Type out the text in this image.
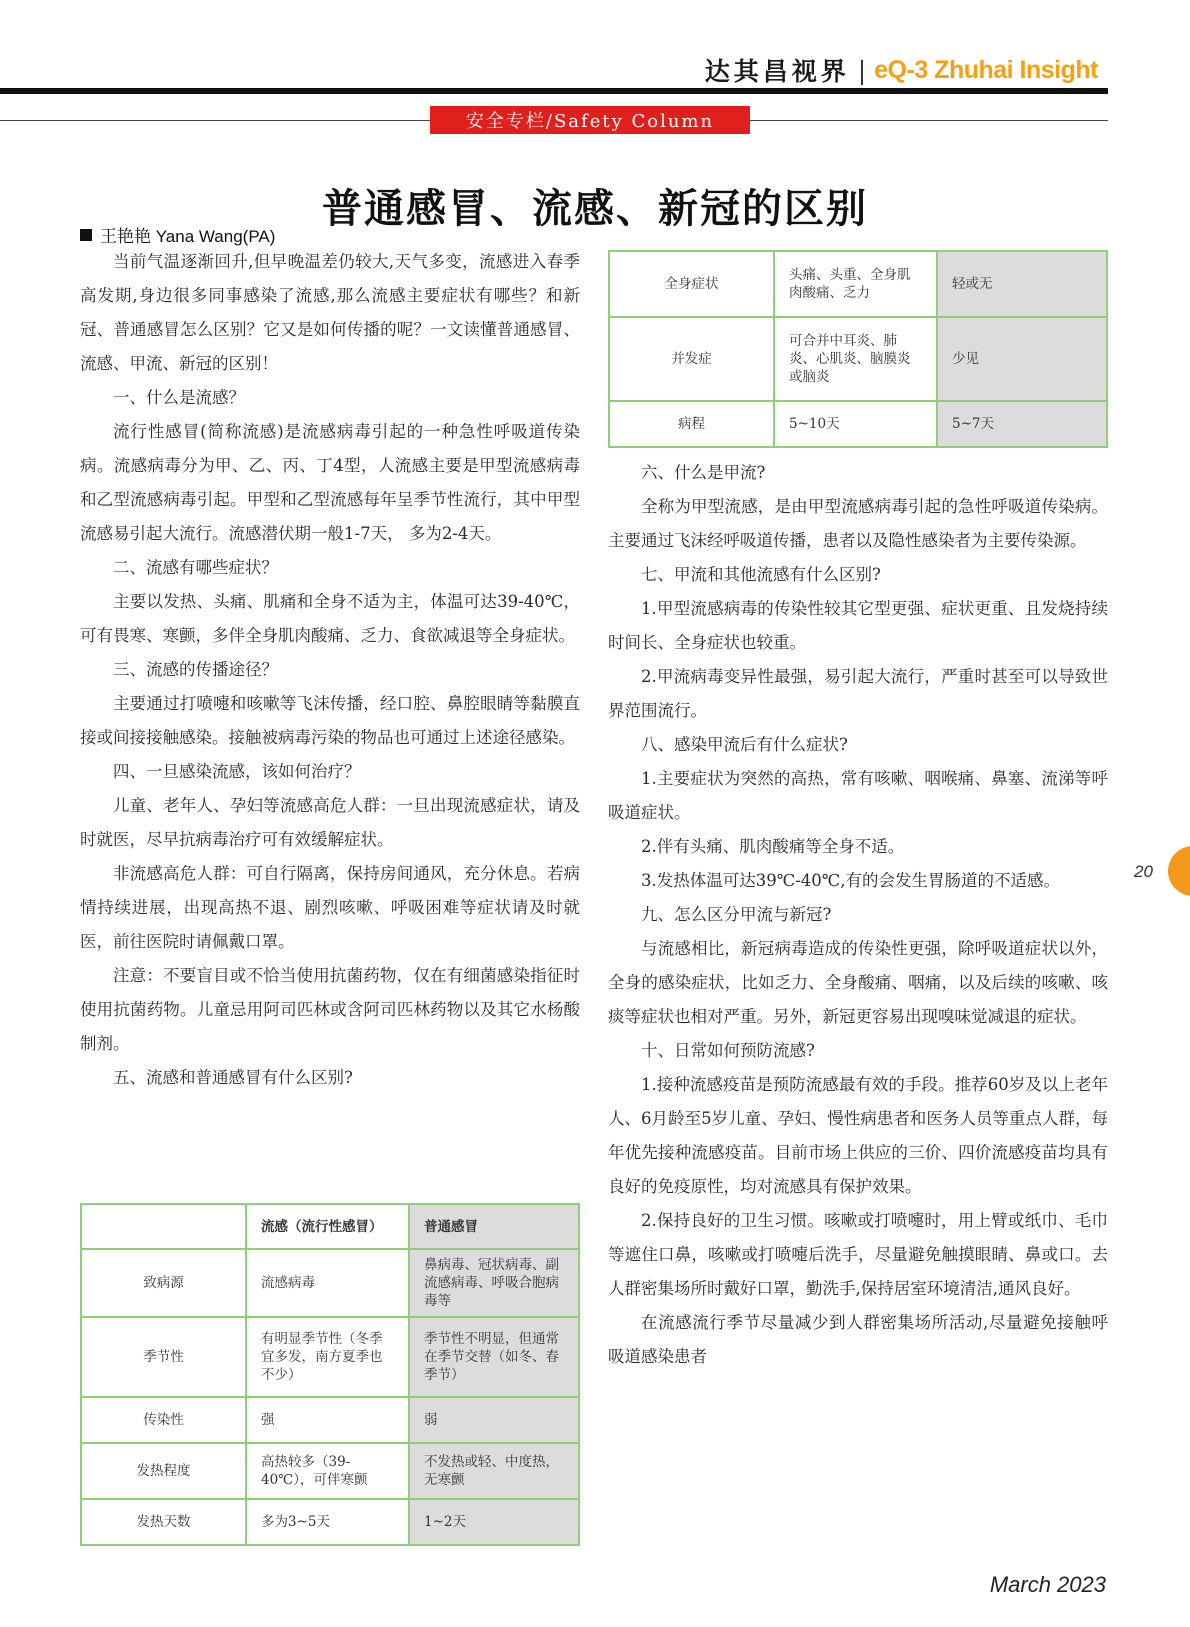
达其昌视界 | eQ-3 Zhuhai Insight
安全专栏/Safety Column
普通感冒、流感、新冠的区别
王艳艳 Yana Wang(PA)

当前气温逐渐回升,但早晚温差仍较大,天气多变，流感进入春季高发期,身边很多同事感染了流感,那么流感主要症状有哪些？和新冠、普通感冒怎么区别？它又是如何传播的呢？一文读懂普通感冒、流感、甲流、新冠的区别！

一、什么是流感？

流行性感冒(简称流感)是流感病毒引起的一种急性呼吸道传染病。流感病毒分为甲、乙、丙、丁4型，人流感主要是甲型流感病毒和乙型流感病毒引起。甲型和乙型流感每年呈季节性流行，其中甲型流感易引起大流行。流感潜伏期一般1-7天， 多为2-4天。

二、流感有哪些症状？

主要以发热、头痛、肌痛和全身不适为主，体温可达39-40℃，可有畏寒、寒颤，多伴全身肌肉酸痛、乏力、食欲减退等全身症状。

三、流感的传播途径？

主要通过打喷嚏和咳嗽等飞沫传播，经口腔、鼻腔眼睛等黏膜直接或间接接触感染。接触被病毒污染的物品也可通过上述途径感染。

四、一旦感染流感，该如何治疗？

儿童、老年人、孕妇等流感高危人群：一旦出现流感症状，请及时就医，尽早抗病毒治疗可有效缓解症状。

非流感高危人群：可自行隔离，保持房间通风，充分休息。若病情持续进展，出现高热不退、剧烈咳嗽、呼吸困难等症状请及时就医，前往医院时请佩戴口罩。

注意：不要盲目或不恰当使用抗菌药物，仅在有细菌感染指征时使用抗菌药物。儿童忌用阿司匹林或含阿司匹林药物以及其它水杨酸制剂。

五、流感和普通感冒有什么区别?

	流感（流行性感冒）	普通感冒
致病源	流感病毒	鼻病毒、冠状病毒、副流感病毒、呼吸合胞病毒等
季节性	有明显季节性（冬季宜多发，南方夏季也不少）	季节性不明显，但通常在季节交替（如冬、春季节）
传染性	强	弱
发热程度	高热较多（39-40℃），可伴寒颤	不发热或轻、中度热，无寒颤
发热天数	多为3~5天	1~2天
全身症状	头痛、头重、全身肌肉酸痛、乏力	轻或无
并发症	可合并中耳炎、肺炎、心肌炎、脑膜炎或脑炎	少见
病程	5~10天	5~7天

六、什么是甲流?

全称为甲型流感，是由甲型流感病毒引起的急性呼吸道传染病。主要通过飞沫经呼吸道传播，患者以及隐性感染者为主要传染源。

七、甲流和其他流感有什么区别?

1.甲型流感病毒的传染性较其它型更强、症状更重、且发烧持续时间长、全身症状也较重。

2.甲流病毒变异性最强，易引起大流行，严重时甚至可以导致世界范围流行。

八、感染甲流后有什么症状?

1.主要症状为突然的高热，常有咳嗽、咽喉痛、鼻塞、流涕等呼吸道症状。

2.伴有头痛、肌肉酸痛等全身不适。

3.发热体温可达39℃-40℃,有的会发生胃肠道的不适感。

九、怎么区分甲流与新冠?

与流感相比，新冠病毒造成的传染性更强，除呼吸道症状以外，全身的感染症状，比如乏力、全身酸痛、咽痛，以及后续的咳嗽、咳痰等症状也相对严重。另外，新冠更容易出现嗅味觉减退的症状。

十、日常如何预防流感?

1.接种流感疫苗是预防流感最有效的手段。推荐60岁及以上老年人、6月龄至5岁儿童、孕妇、慢性病患者和医务人员等重点人群，每年优先接种流感疫苗。目前市场上供应的三价、四价流感疫苗均具有良好的免疫原性，均对流感具有保护效果。

2.保持良好的卫生习惯。咳嗽或打喷嚏时，用上臂或纸巾、毛巾等遮住口鼻，咳嗽或打喷嚏后洗手，尽量避免触摸眼睛、鼻或口。去人群密集场所时戴好口罩，勤洗手,保持居室环境清洁,通风良好。

在流感流行季节尽量减少到人群密集场所活动,尽量避免接触呼吸道感染患者

20
March 2023
